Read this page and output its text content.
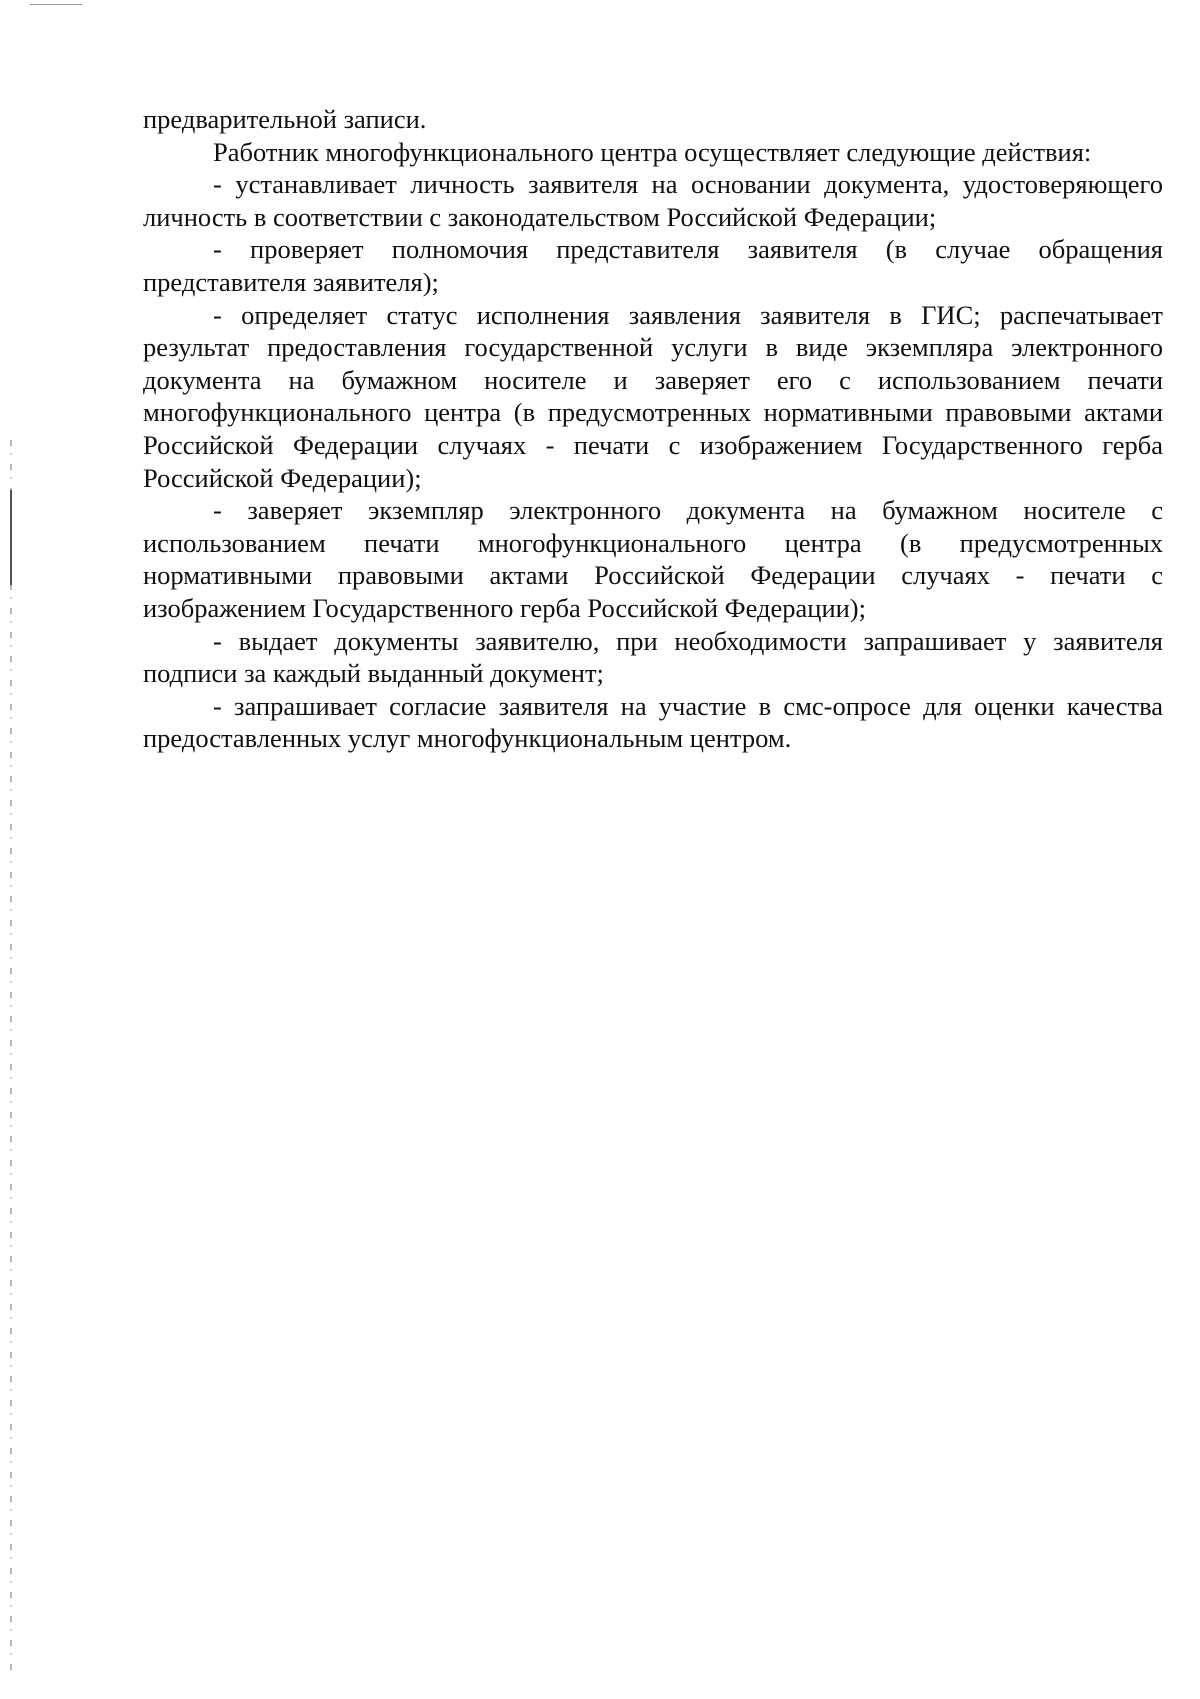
предварительной записи.

Работник многофункционального центра осуществляет следующие действия:

- устанавливает личность заявителя на основании документа, удостоверяющего личность в соответствии с законодательством Российской Федерации;

- проверяет полномочия представителя заявителя (в случае обращения представителя заявителя);

- определяет статус исполнения заявления заявителя в ГИС; распечатывает результат предоставления государственной услуги в виде экземпляра электронного документа на бумажном носителе и заверяет его с использованием печати многофункционального центра (в предусмотренных нормативными правовыми актами Российской Федерации случаях - печати с изображением Государственного герба Российской Федерации);

- заверяет экземпляр электронного документа на бумажном носителе с использованием печати многофункционального центра (в предусмотренных нормативными правовыми актами Российской Федерации случаях - печати с изображением Государственного герба Российской Федерации);

- выдает документы заявителю, при необходимости запрашивает у заявителя подписи за каждый выданный документ;

- запрашивает согласие заявителя на участие в смс-опросе для оценки качества предоставленных услуг многофункциональным центром.
